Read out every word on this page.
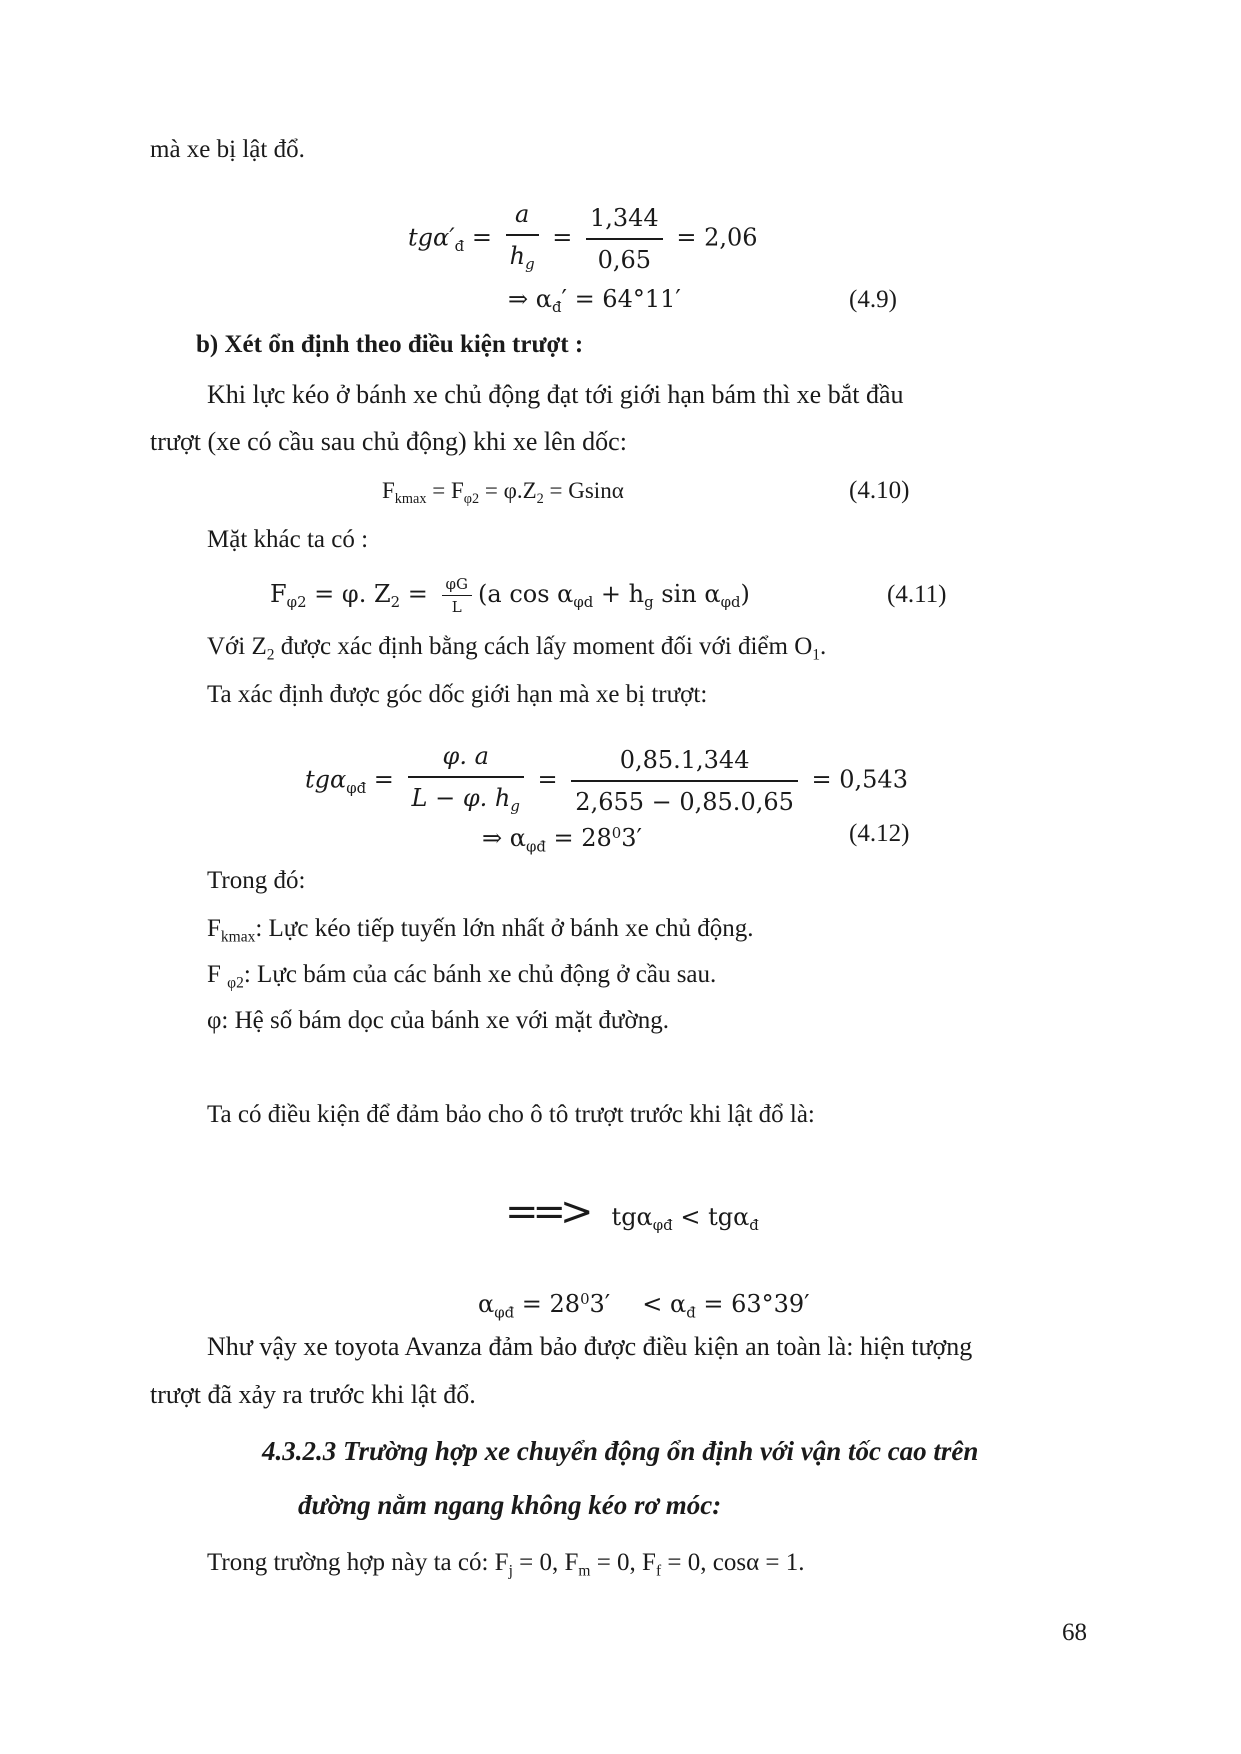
mà xe bị lật đổ.
$tg\alpha'_đ = \frac{a}{h_g} = \frac{1,344}{0,65} = 2,06$
⇒ $\alpha_đ' = 64^\circ 11'$	(4.9)
b) Xét ổn định theo điều kiện trượt :
Khi lực kéo ở bánh xe chủ động đạt tới giới hạn bám thì xe bắt đầu
trượt (xe có cầu sau chủ động) khi xe lên dốc:
$F_{kmax} = F_{\varphi 2} = \varphi.Z_2 = Gsin\alpha$	(4.10)
Mặt khác ta có :
$F_{\varphi 2} = \varphi$. $Z_2 = \frac{\varphi G}{L} (a$ $\cos \alpha_{\varphi d} + h_g$ $\sin \alpha_{\varphi d}$)	(4.11)
Với $Z_2$ được xác định bằng cách lấy moment đối với điểm $O_1$.
Ta xác định được góc dốc giới hạn mà xe bị trượt:
$tg\alpha_{\varphi đ} = \frac{\varphi. a}{L - \varphi. h_g} = \frac{0,85.1,344}{2,655 - 0,85.0,65} = 0,543$
⇒ $\alpha_{\varphi đ} = 28^03'$	(4.12)
Trong đó:
$F_{kmax}$: Lực kéo tiếp tuyến lớn nhất ở bánh xe chủ động.
F $_{\varphi 2}$: Lực bám của các bánh xe chủ động ở cầu sau.
φ: Hệ số bám dọc của bánh xe với mặt đường.
Ta có điều kiện để đảm bảo cho ô tô trượt trước khi lật đổ là:
==> tgα$_{\varphi đ}$ < tgα$_đ$
$\alpha_{\varphi đ} = 28^03' < \alpha_đ = 63^\circ 39'$
Như vậy xe toyota Avanza đảm bảo được điều kiện an toàn là: hiện tượng
trượt đã xảy ra trước khi lật đổ.
4.3.2.3 Trường hợp xe chuyển động ổn định với vận tốc cao trên
đường nằm ngang không kéo rơ móc:
Trong trường hợp này ta có: $F_j = 0$, $F_m = 0$, $F_f = 0$, cosα = 1.
68
